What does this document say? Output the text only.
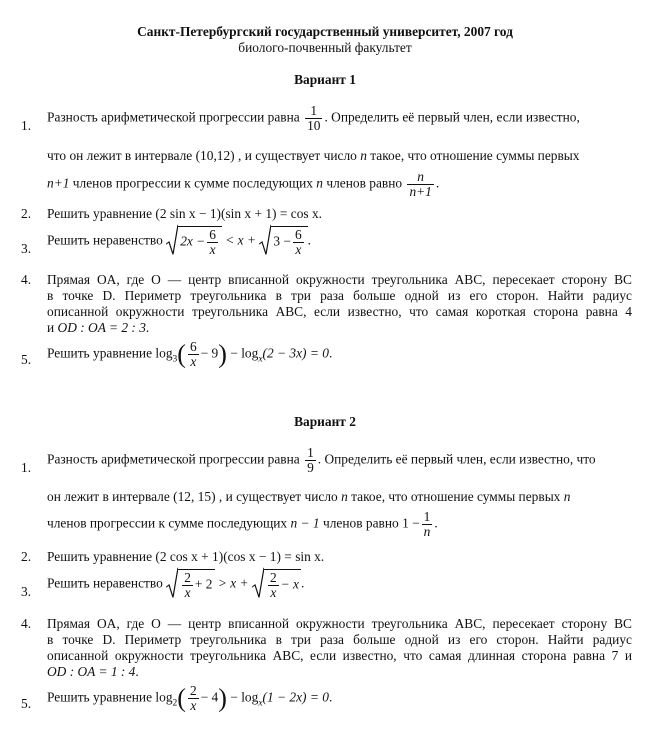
Санкт-Петербургский государственный университет, 2007 год
биолого-почвенный факультет
Вариант 1
1.
Разность арифметической прогрессии равна $\frac{1}{10}$ . Определить её первый член, если известно,
что он лежит в интервале (10,12) , и существует число n такое, что отношение суммы первых
n+1 членов прогрессии к сумме последующих n членов равно $\frac{n}{n+1}$ .
2. Решить уравнение (2 sin x − 1)(sin x + 1) = cos x.
3.
Решить неравенство $2x - \frac{6}{x} < x + 3 - \frac{6}{x}$ .
4. Прямая OA, где O — центр вписанной окружности треугольника ABC, пересекает сторону BC
в точке D. Периметр треугольника в три раза больше одной из его сторон. Найти радиус
описанной окружности треугольника ABC, если известно, что самая короткая сторона равна 4
и OD : OA = 2 : 3.
5. Решить уравнение $\log_3( \frac{6}{x} - 9) - \log_x(2 - 3x) = 0$.
Вариант 2
1.
Разность арифметической прогрессии равна $\frac{1}{9}$ . Определить её первый член, если известно, что
он лежит в интервале (12, 15) , и существует число n такое, что отношение суммы первых n
членов прогрессии к сумме последующих n − 1 членов равно $1 - \frac{1}{n}$ .
2. Решить уравнение (2 cos x + 1)(cos x − 1) = sin x.
3.
Решить неравенство $\frac{2}{x} + 2 > x + \frac{2}{x} - x$ .
4. Прямая OA, где O — центр вписанной окружности треугольника ABC, пересекает сторону BC
в точке D. Периметр треугольника в три раза больше одной из его сторон. Найти радиус
описанной окружности треугольника ABC, если известно, что самая длинная сторона равна 7 и
OD : OA = 1 : 4.
5. Решить уравнение $\log_2( \frac{2}{x} - 4) - \log_x(1 - 2x) = 0$.
